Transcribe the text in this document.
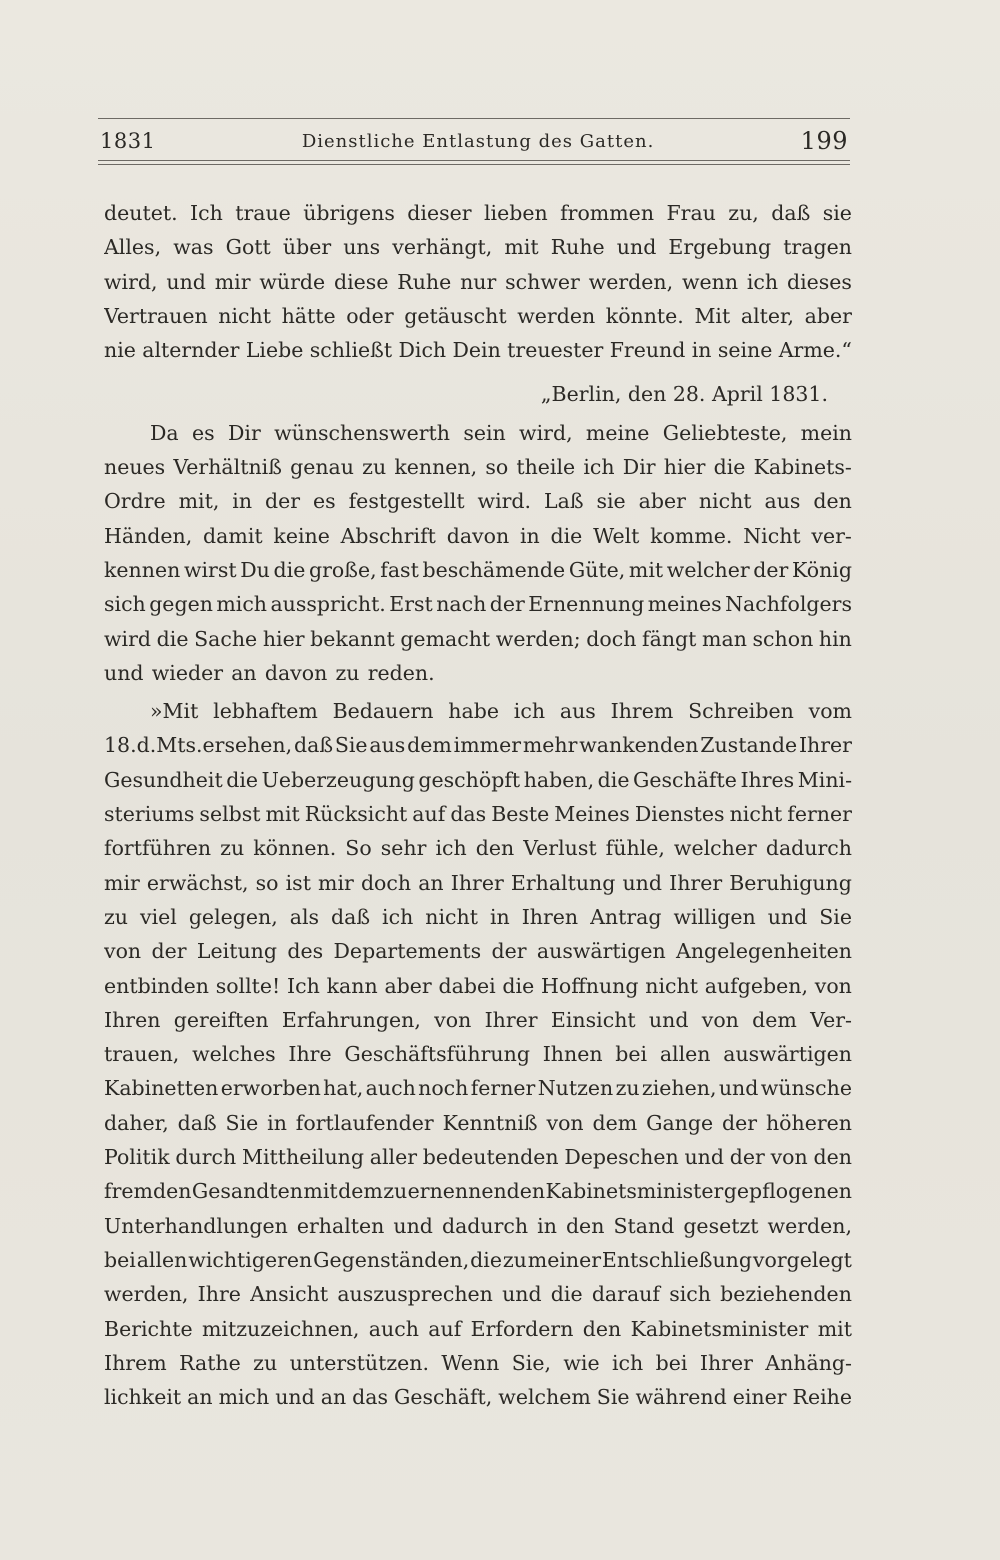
1831	Dienstliche Entlastung des Gatten.	199
deutet. Ich traue übrigens dieser lieben frommen Frau zu, daß sie
Alles, was Gott über uns verhängt, mit Ruhe und Ergebung tragen
wird, und mir würde diese Ruhe nur schwer werden, wenn ich dieses
Vertrauen nicht hätte oder getäuscht werden könnte. Mit alter, aber
nie alternder Liebe schließt Dich Dein treuester Freund in seine Arme.“
„Berlin, den 28. April 1831.
Da es Dir wünschenswerth sein wird, meine Geliebteste, mein
neues Verhältniß genau zu kennen, so theile ich Dir hier die Kabinets-
Ordre mit, in der es festgestellt wird. Laß sie aber nicht aus den
Händen, damit keine Abschrift davon in die Welt komme. Nicht ver-
kennen wirst Du die große, fast beschämende Güte, mit welcher der König
sich gegen mich ausspricht. Erst nach der Ernennung meines Nachfolgers
wird die Sache hier bekannt gemacht werden; doch fängt man schon hin
und wieder an davon zu reden.
»Mit lebhaftem Bedauern habe ich aus Ihrem Schreiben vom
18.d.Mts.ersehen, daß Sie aus dem immer mehr wankenden Zustande Ihrer
Gesundheit die Ueberzeugung geschöpft haben, die Geschäfte Ihres Mini-
steriums selbst mit Rücksicht auf das Beste Meines Dienstes nicht ferner
fortführen zu können. So sehr ich den Verlust fühle, welcher dadurch
mir erwächst, so ist mir doch an Ihrer Erhaltung und Ihrer Beruhigung
zu viel gelegen, als daß ich nicht in Ihren Antrag willigen und Sie
von der Leitung des Departements der auswärtigen Angelegenheiten
entbinden sollte! Ich kann aber dabei die Hoffnung nicht aufgeben, von
Ihren gereiften Erfahrungen, von Ihrer Einsicht und von dem Ver-
trauen, welches Ihre Geschäftsführung Ihnen bei allen auswärtigen
Kabinetten erworben hat, auch noch ferner Nutzen zu ziehen, und wünsche
daher, daß Sie in fortlaufender Kenntniß von dem Gange der höheren
Politik durch Mittheilung aller bedeutenden Depeschen und der von den
fremden Gesandten mit dem zu ernennenden Kabinetsminister gepflogenen
Unterhandlungen erhalten und dadurch in den Stand gesetzt werden,
bei allen wichtigeren Gegenständen, die zu meiner Entschließung vorgelegt
werden, Ihre Ansicht auszusprechen und die darauf sich beziehenden
Berichte mitzuzeichnen, auch auf Erfordern den Kabinetsminister mit
Ihrem Rathe zu unterstützen. Wenn Sie, wie ich bei Ihrer Anhäng-
lichkeit an mich und an das Geschäft, welchem Sie während einer Reihe
